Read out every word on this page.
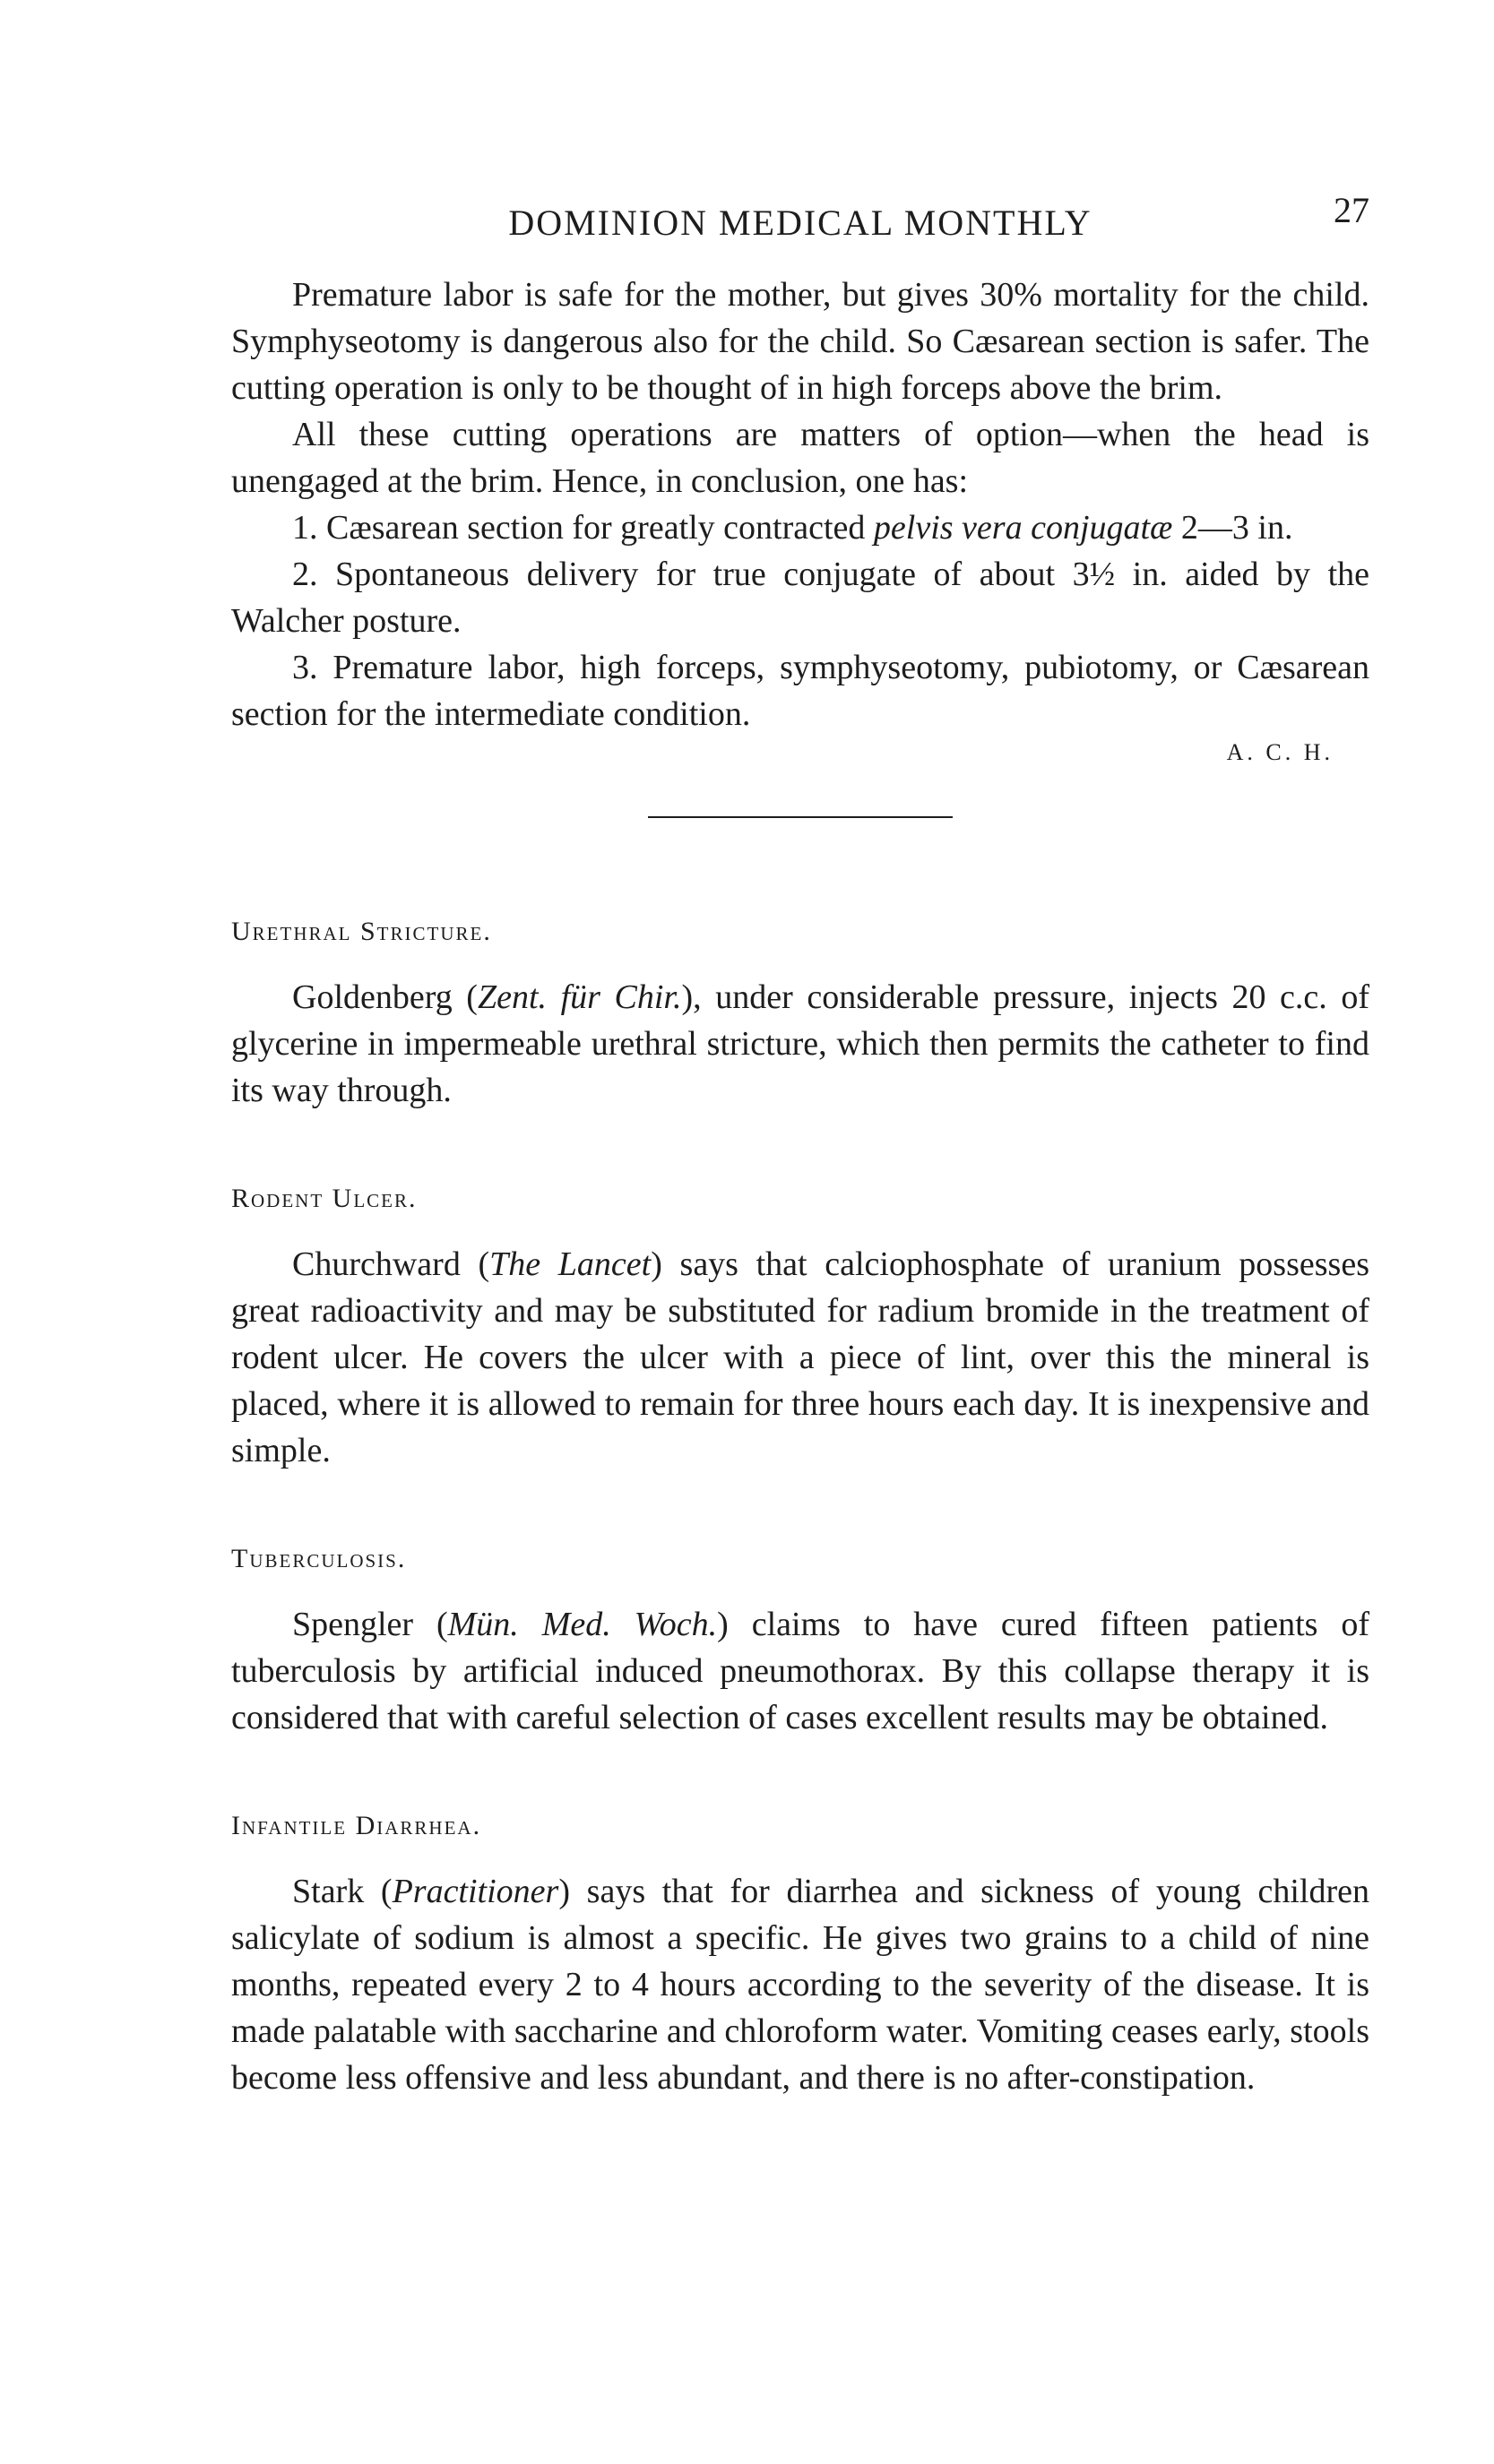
DOMINION MEDICAL MONTHLY	27

Premature labor is safe for the mother, but gives 30% mortality for the child. Symphyseotomy is dangerous also for the child. So Cæsarean section is safer. The cutting operation is only to be thought of in high forceps above the brim.

All these cutting operations are matters of option—when the head is unengaged at the brim. Hence, in conclusion, one has:

1. Cæsarean section for greatly contracted pelvis vera conjugatæ 2—3 in.

2. Spontaneous delivery for true conjugate of about 3½ in. aided by the Walcher posture.

3. Premature labor, high forceps, symphyseotomy, pubiotomy, or Cæsarean section for the intermediate condition.

A. C. H.
Urethral Stricture.

Goldenberg (Zent. für Chir.), under considerable pressure, injects 20 c.c. of glycerine in impermeable urethral stricture, which then permits the catheter to find its way through.

Rodent Ulcer.

Churchward (The Lancet) says that calciophosphate of uranium possesses great radioactivity and may be substituted for radium bromide in the treatment of rodent ulcer. He covers the ulcer with a piece of lint, over this the mineral is placed, where it is allowed to remain for three hours each day. It is inexpensive and simple.

Tuberculosis.

Spengler (Mün. Med. Woch.) claims to have cured fifteen patients of tuberculosis by artificial induced pneumothorax. By this collapse therapy it is considered that with careful selection of cases excellent results may be obtained.

Infantile Diarrhea.

Stark (Practitioner) says that for diarrhea and sickness of young children salicylate of sodium is almost a specific. He gives two grains to a child of nine months, repeated every 2 to 4 hours according to the severity of the disease. It is made palatable with saccharine and chloroform water. Vomiting ceases early, stools become less offensive and less abundant, and there is no after-constipation.
